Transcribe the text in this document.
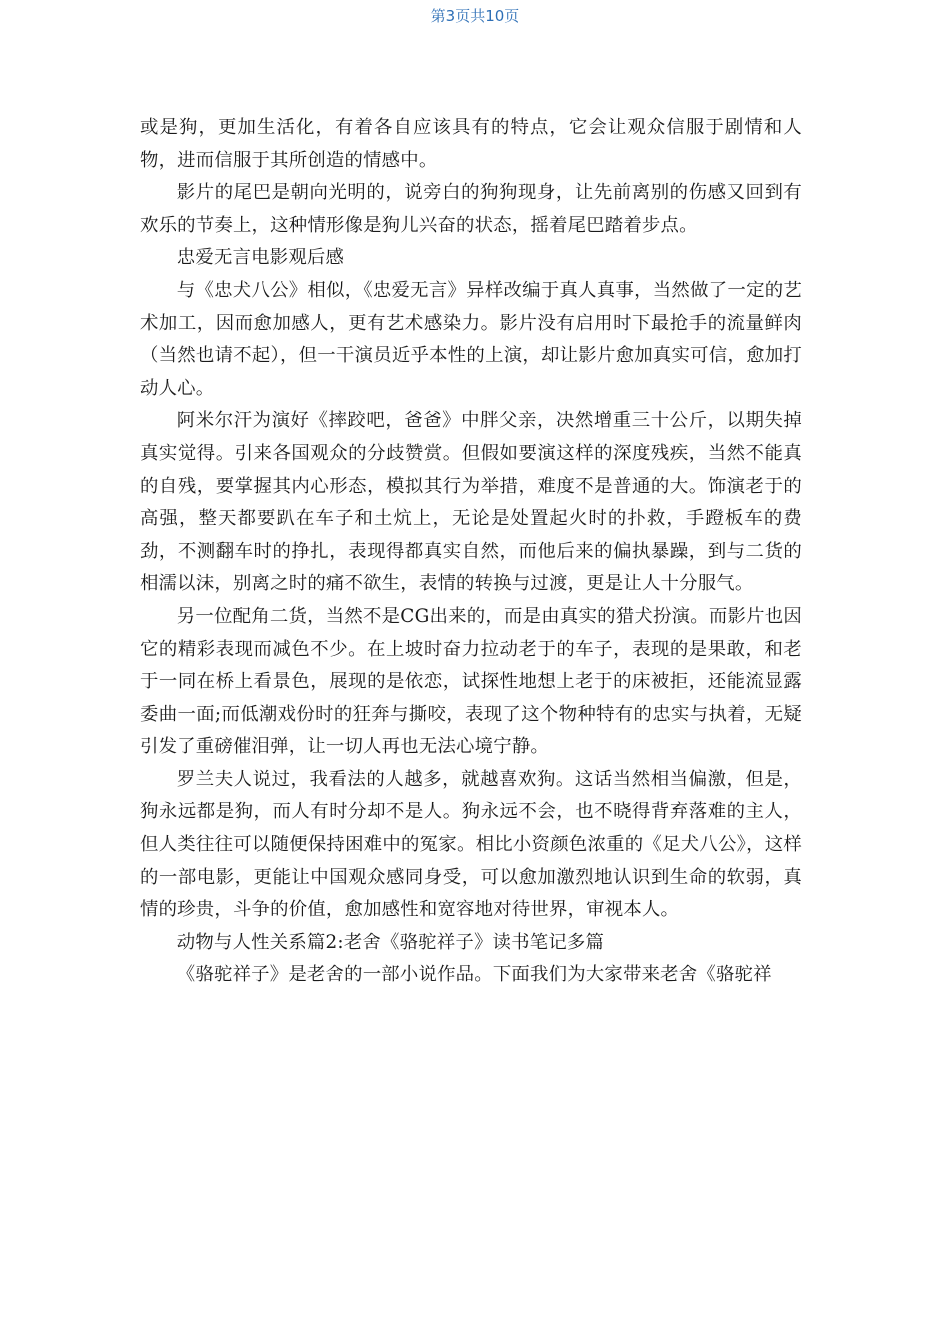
第3页共10页

或是狗，更加生活化，有着各自应该具有的特点，它会让观众信服于剧情和人物，进而信服于其所创造的情感中。

影片的尾巴是朝向光明的，说旁白的狗狗现身，让先前离别的伤感又回到有欢乐的节奏上，这种情形像是狗儿兴奋的状态，摇着尾巴踏着步点。

忠爱无言电影观后感

与《忠犬八公》相似，《忠爱无言》异样改编于真人真事，当然做了一定的艺术加工，因而愈加感人，更有艺术感染力。影片没有启用时下最抢手的流量鲜肉（当然也请不起），但一干演员近乎本性的上演，却让影片愈加真实可信，愈加打动人心。

阿米尔汗为演好《摔跤吧，爸爸》中胖父亲，决然增重三十公斤，以期失掉真实觉得。引来各国观众的分歧赞赏。但假如要演这样的深度残疾，当然不能真的自残，要掌握其内心形态，模拟其行为举措，难度不是普通的大。饰演老于的高强，整天都要趴在车子和土炕上，无论是处置起火时的扑救，手蹬板车的费劲，不测翻车时的挣扎，表现得都真实自然，而他后来的偏执暴躁，到与二货的相濡以沫，别离之时的痛不欲生，表情的转换与过渡，更是让人十分服气。

另一位配角二货，当然不是CG出来的，而是由真实的猎犬扮演。而影片也因它的精彩表现而减色不少。在上坡时奋力拉动老于的车子，表现的是果敢，和老于一同在桥上看景色，展现的是依恋，试探性地想上老于的床被拒，还能流显露委曲一面;而低潮戏份时的狂奔与撕咬，表现了这个物种特有的忠实与执着，无疑引发了重磅催泪弹，让一切人再也无法心境宁静。

罗兰夫人说过，我看法的人越多，就越喜欢狗。这话当然相当偏激，但是，狗永远都是狗，而人有时分却不是人。狗永远不会，也不晓得背弃落难的主人，但人类往往可以随便保持困难中的冤家。相比小资颜色浓重的《足犬八公》，这样的一部电影，更能让中国观众感同身受，可以愈加激烈地认识到生命的软弱，真情的珍贵，斗争的价值，愈加感性和宽容地对待世界，审视本人。

动物与人性关系篇2:老舍《骆驼祥子》读书笔记多篇

《骆驼祥子》是老舍的一部小说作品。下面我们为大家带来老舍《骆驼祥
